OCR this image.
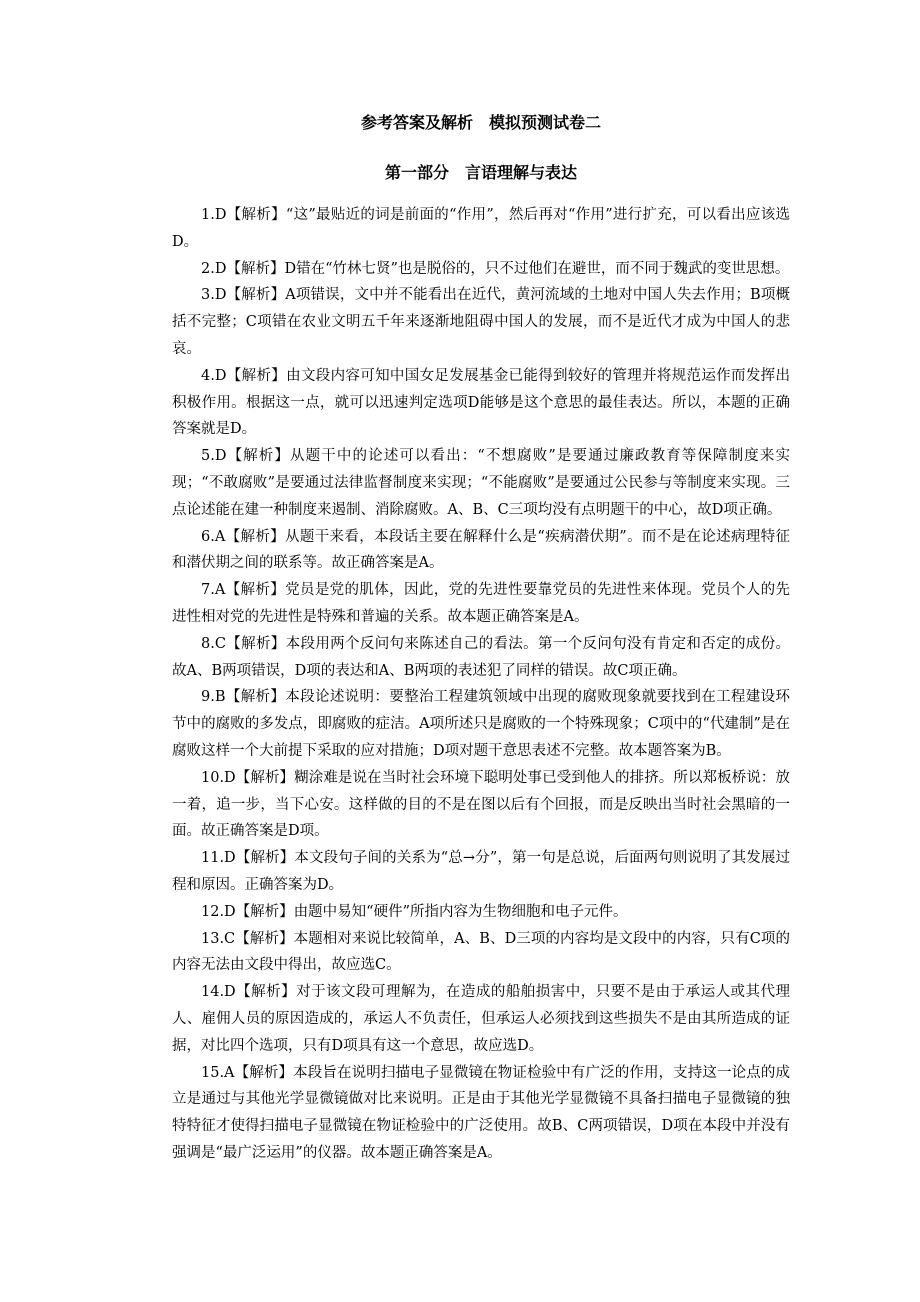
参考答案及解析　模拟预测试卷二
第一部分　言语理解与表达

1.D【解析】“这”最贴近的词是前面的“作用”，然后再对“作用”进行扩充，可以看出应该选D。

2.D【解析】D错在“竹林七贤”也是脱俗的，只不过他们在避世，而不同于魏武的变世思想。

3.D【解析】A项错误，文中并不能看出在近代，黄河流域的土地对中国人失去作用；B项概括不完整；C项错在农业文明五千年来逐渐地阻碍中国人的发展，而不是近代才成为中国人的悲哀。

4.D【解析】由文段内容可知中国女足发展基金已能得到较好的管理并将规范运作而发挥出积极作用。根据这一点，就可以迅速判定选项D能够是这个意思的最佳表达。所以，本题的正确答案就是D。

5.D【解析】从题干中的论述可以看出：“不想腐败”是要通过廉政教育等保障制度来实现；“不敢腐败”是要通过法律监督制度来实现；“不能腐败”是要通过公民参与等制度来实现。三点论述能在建一种制度来遏制、消除腐败。A、B、C三项均没有点明题干的中心，故D项正确。

6.A【解析】从题干来看，本段话主要在解释什么是“疾病潜伏期”。而不是在论述病理特征和潜伏期之间的联系等。故正确答案是A。

7.A【解析】党员是党的肌体，因此，党的先进性要靠党员的先进性来体现。党员个人的先进性相对党的先进性是特殊和普遍的关系。故本题正确答案是A。

8.C【解析】本段用两个反问句来陈述自己的看法。第一个反问句没有肯定和否定的成份。故A、B两项错误，D项的表达和A、B两项的表述犯了同样的错误。故C项正确。

9.B【解析】本段论述说明：要整治工程建筑领域中出现的腐败现象就要找到在工程建设环节中的腐败的多发点，即腐败的症洁。A项所述只是腐败的一个特殊现象；C项中的“代建制”是在腐败这样一个大前提下采取的应对措施；D项对题干意思表述不完整。故本题答案为B。

10.D【解析】糊涂难是说在当时社会环境下聪明处事已受到他人的排挤。所以郑板桥说：放一着，追一步，当下心安。这样做的目的不是在图以后有个回报，而是反映出当时社会黑暗的一面。故正确答案是D项。

11.D【解析】本文段句子间的关系为“总→分”，第一句是总说，后面两句则说明了其发展过程和原因。正确答案为D。

12.D【解析】由题中易知“硬件”所指内容为生物细胞和电子元件。

13.C【解析】本题相对来说比较简单，A、B、D三项的内容均是文段中的内容，只有C项的内容无法由文段中得出，故应选C。

14.D【解析】对于该文段可理解为，在造成的船舶损害中，只要不是由于承运人或其代理人、雇佣人员的原因造成的，承运人不负责任，但承运人必须找到这些损失不是由其所造成的证据，对比四个选项，只有D项具有这一个意思，故应选D。

15.A【解析】本段旨在说明扫描电子显微镜在物证检验中有广泛的作用，支持这一论点的成立是通过与其他光学显微镜做对比来说明。正是由于其他光学显微镜不具备扫描电子显微镜的独特特征才使得扫描电子显微镜在物证检验中的广泛使用。故B、C两项错误，D项在本段中并没有强调是“最广泛运用”的仪器。故本题正确答案是A。
